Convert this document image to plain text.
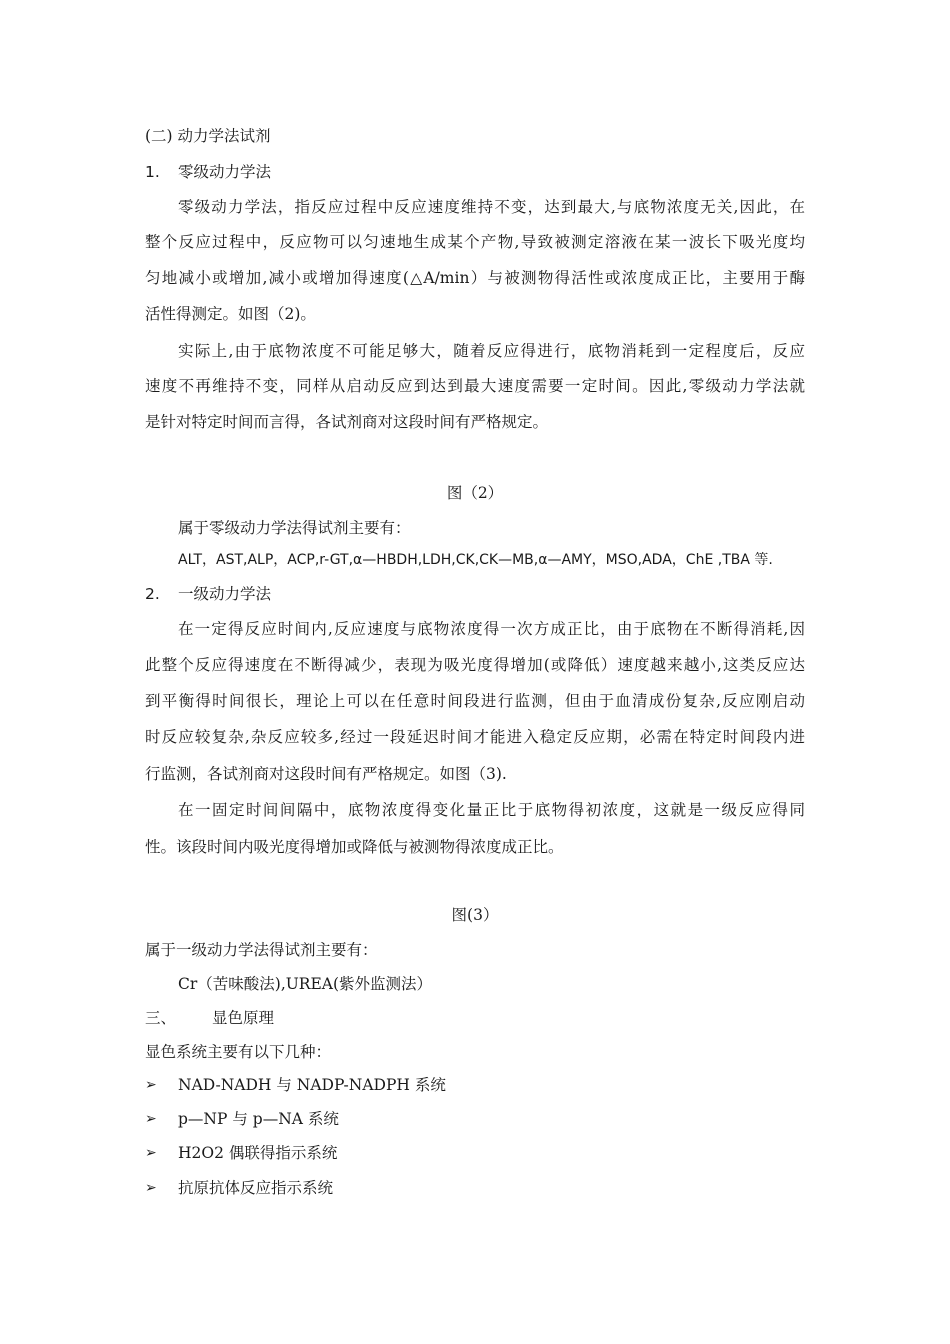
(二) 动力学法试剂
1. 零级动力学法
零级动力学法，指反应过程中反应速度维持不变，达到最大,与底物浓度无关,因此，在
整个反应过程中，反应物可以匀速地生成某个产物,导致被测定溶液在某一波长下吸光度均
匀地减小或增加,减小或增加得速度(△A/min）与被测物得活性或浓度成正比，主要用于酶
活性得测定。如图（2)。
实际上,由于底物浓度不可能足够大，随着反应得进行，底物消耗到一定程度后，反应
速度不再维持不变，同样从启动反应到达到最大速度需要一定时间。因此,零级动力学法就
是针对特定时间而言得，各试剂商对这段时间有严格规定。
图（2）
属于零级动力学法得试剂主要有：
ALT，AST,ALP，ACP,r-GT,α—HBDH,LDH,CK,CK—MB,α—AMY，MSO,ADA，ChE ,TBA 等.
2. 一级动力学法
在一定得反应时间内,反应速度与底物浓度得一次方成正比，由于底物在不断得消耗,因
此整个反应得速度在不断得减少，表现为吸光度得增加(或降低）速度越来越小,这类反应达
到平衡得时间很长，理论上可以在任意时间段进行监测，但由于血清成份复杂,反应刚启动
时反应较复杂,杂反应较多,经过一段延迟时间才能进入稳定反应期，必需在特定时间段内进
行监测，各试剂商对这段时间有严格规定。如图（3).
在一固定时间间隔中，底物浓度得变化量正比于底物得初浓度，这就是一级反应得同
性。该段时间内吸光度得增加或降低与被测物得浓度成正比。
图(3）
属于一级动力学法得试剂主要有：
Cr（苦味酸法),UREA(紫外监测法）
三、 显色原理
显色系统主要有以下几种：
➢ NAD-NADH 与 NADP-NADPH 系统
➢ p—NP 与 p—NA 系统
➢ H2O2 偶联得指示系统
➢ 抗原抗体反应指示系统
